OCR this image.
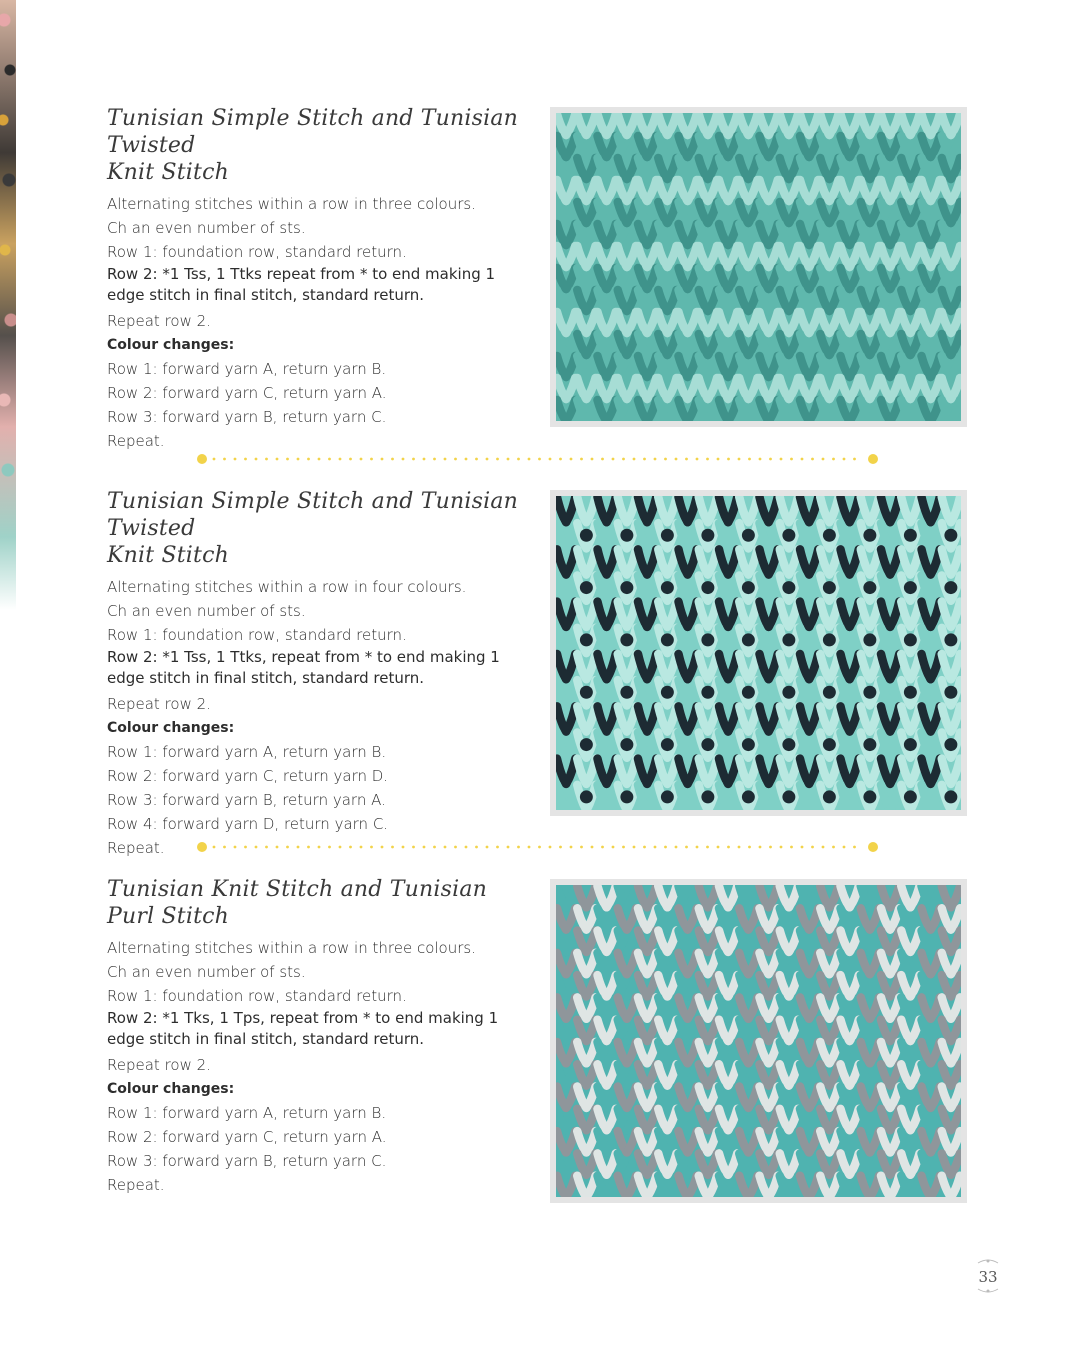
Tunisian Simple Stitch and Tunisian Twisted
Knit Stitch

Alternating stitches within a row in three colours.

Ch an even number of sts.

Row 1: foundation row, standard return.

Row 2: *1 Tss, 1 Ttks repeat from * to end making 1 edge stitch in final stitch, standard return.

Repeat row 2.

Colour changes:

Row 1: forward yarn A, return yarn B.

Row 2: forward yarn C, return yarn A.

Row 3: forward yarn B, return yarn C.

Repeat.

Tunisian Simple Stitch and Tunisian Twisted
Knit Stitch

Alternating stitches within a row in four colours.

Ch an even number of sts.

Row 1: foundation row, standard return.

Row 2: *1 Tss, 1 Ttks, repeat from * to end making 1 edge stitch in final stitch, standard return.

Repeat row 2.

Colour changes:

Row 1: forward yarn A, return yarn B.

Row 2: forward yarn C, return yarn D.

Row 3: forward yarn B, return yarn A.

Row 4: forward yarn D, return yarn C.

Repeat.

Tunisian Knit Stitch and Tunisian
Purl Stitch

Alternating stitches within a row in three colours.

Ch an even number of sts.

Row 1: foundation row, standard return.

Row 2: *1 Tks, 1 Tps, repeat from * to end making 1 edge stitch in final stitch, standard return.

Repeat row 2.

Colour changes:

Row 1: forward yarn A, return yarn B.

Row 2: forward yarn C, return yarn A.

Row 3: forward yarn B, return yarn C.

Repeat.

33
